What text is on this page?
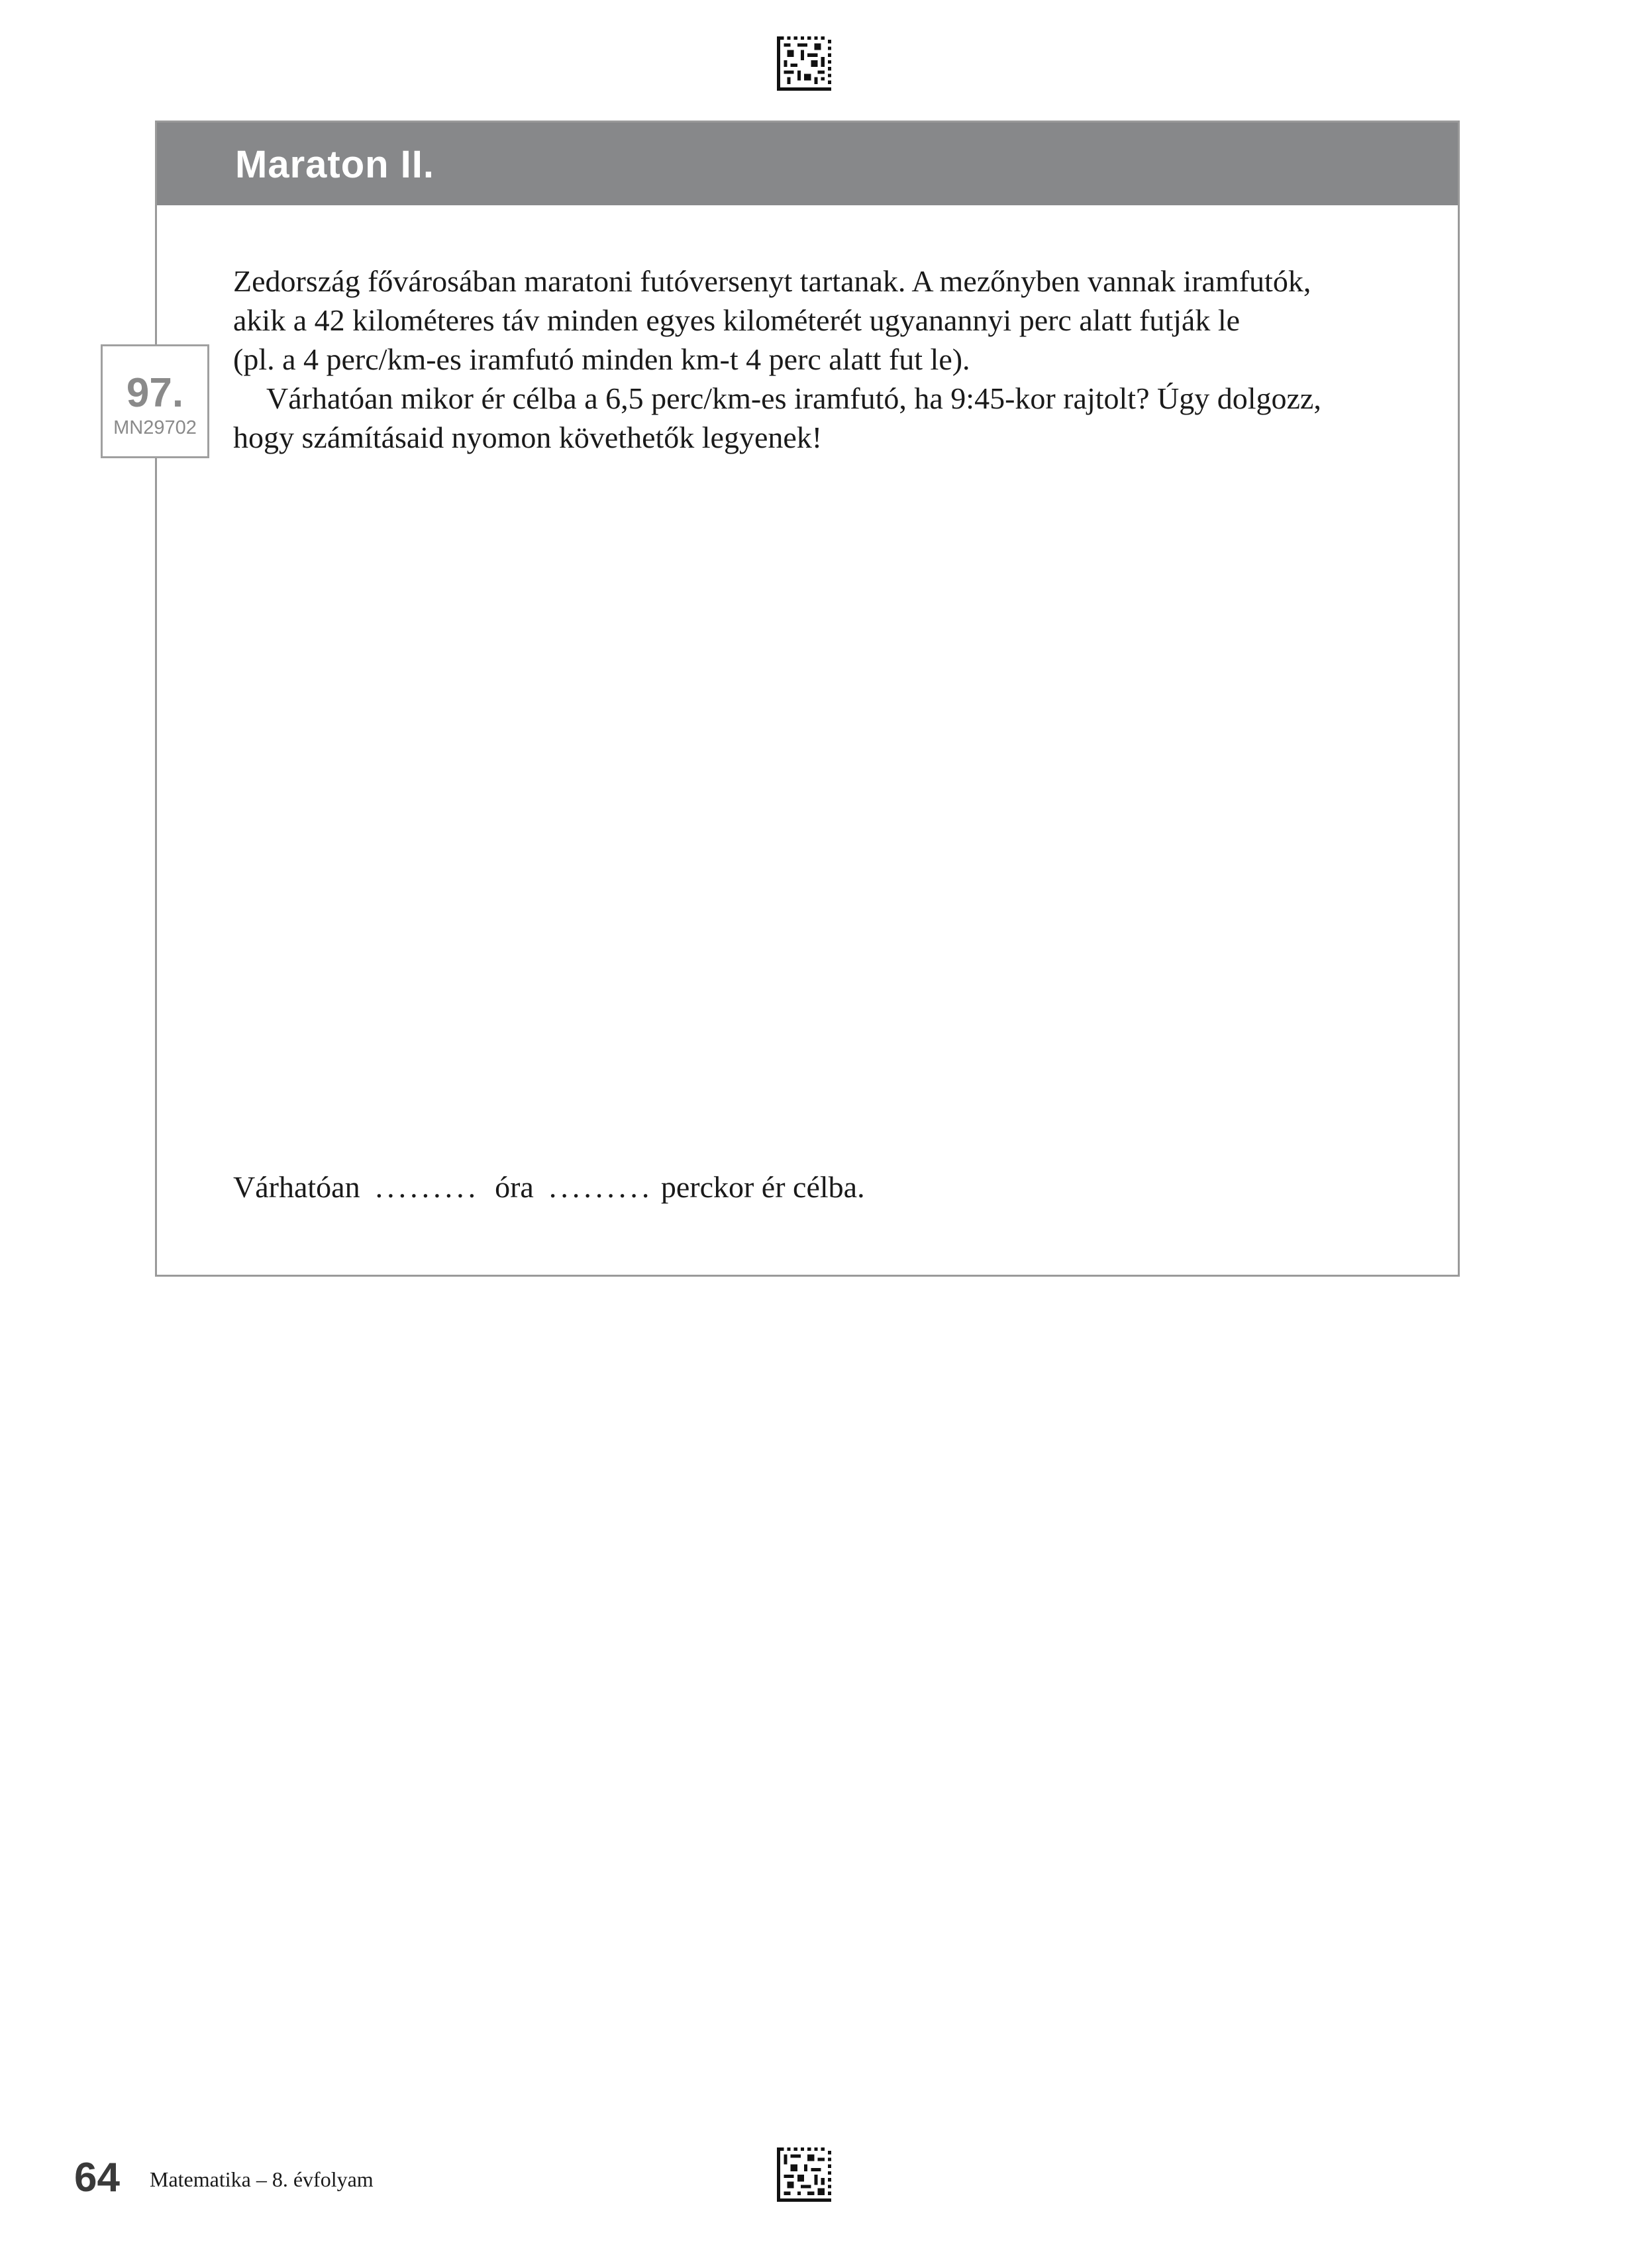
Maraton II.
97.
MN29702

Zedország fővárosában maratoni futóversenyt tartanak. A mezőnyben vannak iramfutók,
akik a 42 kilométeres táv minden egyes kilométerét ugyanannyi perc alatt futják le
(pl. a 4 perc/km-es iramfutó minden km-t 4 perc alatt fut le).

Várhatóan mikor ér célba a 6,5 perc/km-es iramfutó, ha 9:45-kor rajtolt? Úgy dolgozz,
hogy számításaid nyomon követhetők legyenek!

Várhatóan ......... óra ......... perckor ér célba.
64 Matematika – 8. évfolyam
